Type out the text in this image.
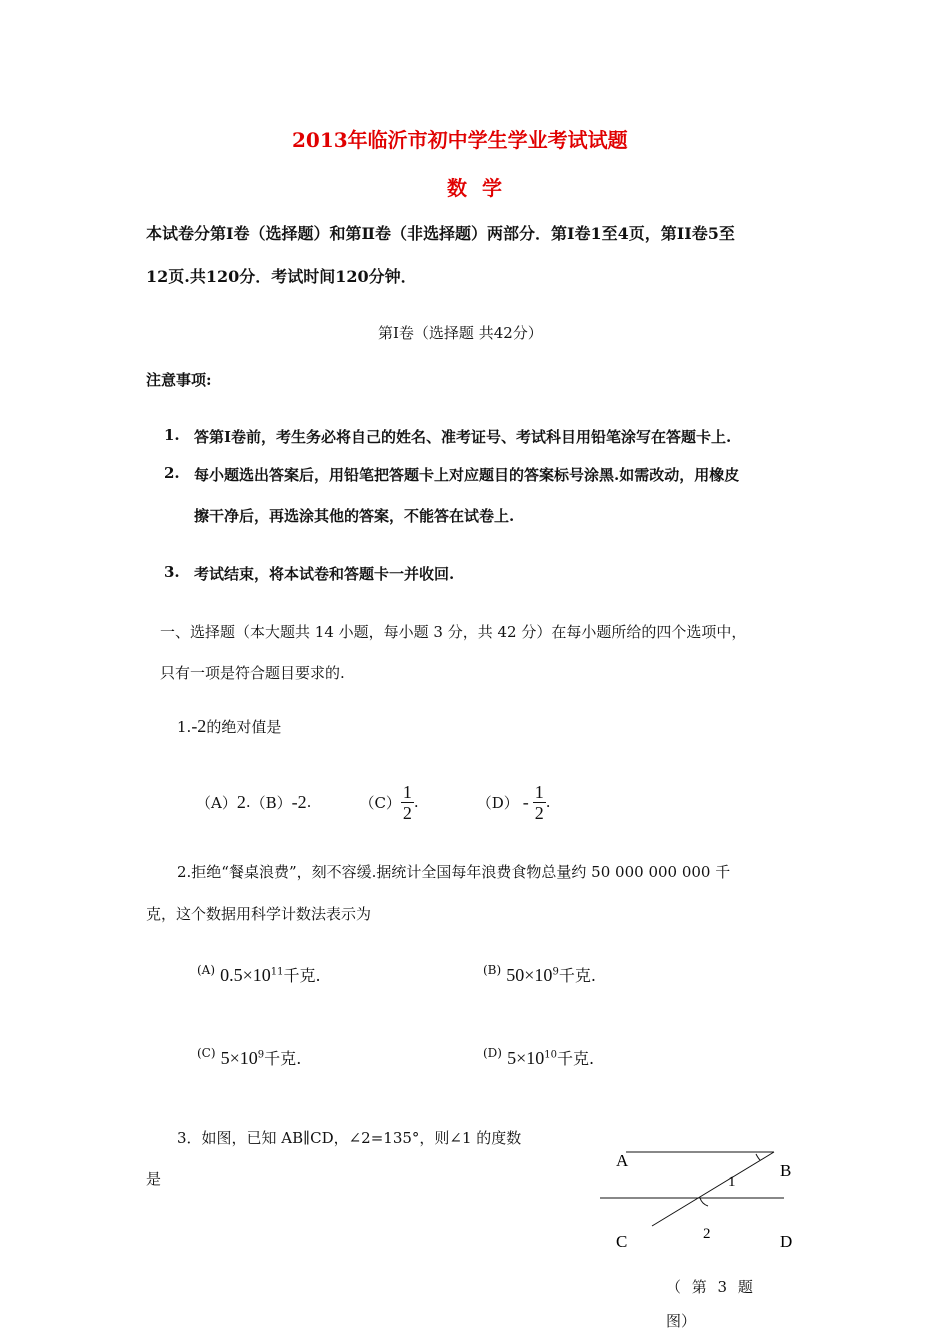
2013年临沂市初中学生学业考试试题
数 学
本试卷分第Ⅰ卷（选择题）和第Ⅱ卷（非选择题）两部分．第Ⅰ卷1至4页，第II卷5至
12页.共120分．考试时间120分钟．
第Ⅰ卷（选择题 共42分）
注意事项:
1. 答第Ⅰ卷前，考生务必将自己的姓名、准考证号、考试科目用铅笔涂写在答题卡上.
2. 每小题选出答案后，用铅笔把答题卡上对应题目的答案标号涂黑.如需改动，用橡皮
擦干净后，再选涂其他的答案，不能答在试卷上.
3. 考试结束，将本试卷和答题卡一并收回.
一、选择题（本大题共 14 小题，每小题 3 分，共 42 分）在每小题所给的四个选项中，
只有一项是符合题目要求的.
1.-2的绝对值是
（A） 2 . （B） -2 .	$(C) \frac{1}{2}$ .	$(D) - \frac{1}{2}$ .
2.拒绝“餐桌浪费”，刻不容缓.据统计全国每年浪费食物总量约 50 000 000 000 千
克，这个数据用科学计数法表示为
$^{(A)}$ $0.5\times 10^{11}$千克.	$^{(B)}$ $50\times 10^9$千克.
$^{(C)}$ $5\times 10^9$千克.	$^{(D)}$ $5\times 10^{10}$千克.
3．如图，已知 AB∥CD，∠2=135°，则∠1 的度数
是
A
B
C	D
1
2
（ 第 3 题
图）
